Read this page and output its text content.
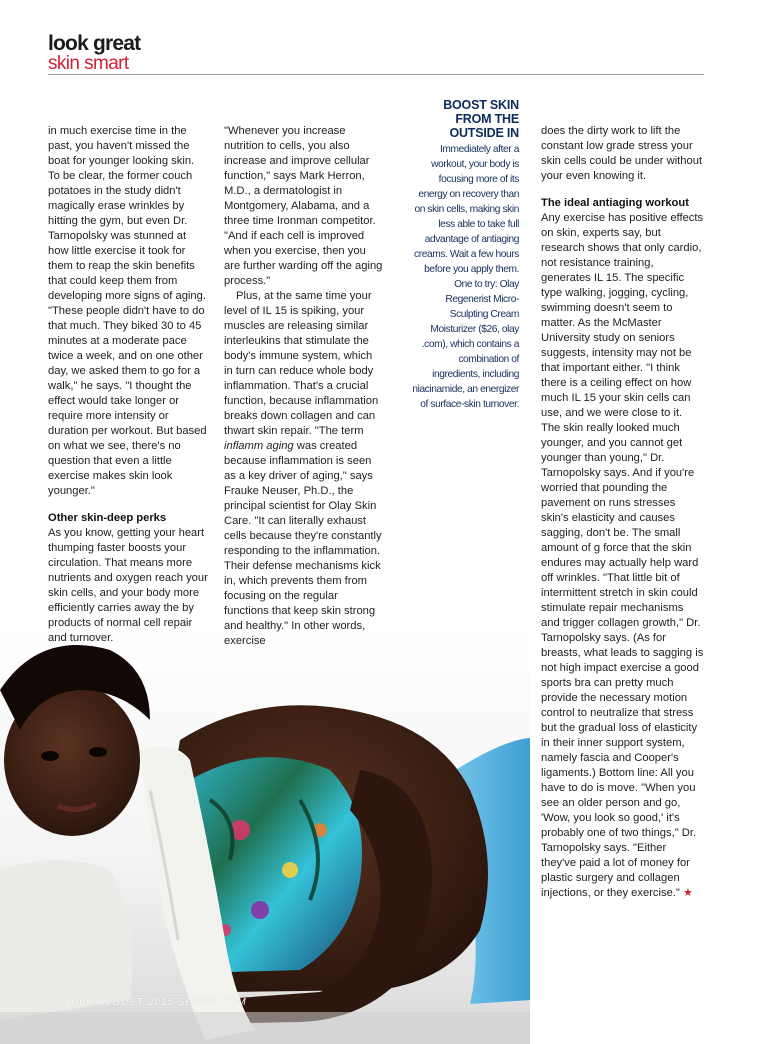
look great
skin smart

in much exercise time in the past, you haven't missed the boat for younger looking skin. To be clear, the former couch potatoes in the study didn't magically erase wrinkles by hitting the gym, but even Dr. Tarnopolsky was stunned at how little exercise it took for them to reap the skin benefits that could keep them from developing more signs of aging. "These people didn't have to do that much. They biked 30 to 45 minutes at a moderate pace twice a week, and on one other day, we asked them to go for a walk," he says. "I thought the effect would take longer or require more intensity or duration per workout. But based on what we see, there's no question that even a little exercise makes skin look younger."

Other skin-deep perks

As you know, getting your heart thumping faster boosts your circulation. That means more nutrients and oxygen reach your skin cells, and your body more efficiently carries away the by products of normal cell repair and turnover.

"Whenever you increase nutrition to cells, you also increase and improve cellular function," says Mark Herron, M.D., a dermatologist in Montgomery, Alabama, and a three time Ironman competitor. "And if each cell is improved when you exercise, then you are further warding off the aging process."

Plus, at the same time your level of IL 15 is spiking, your muscles are releasing similar interleukins that stimulate the body's immune system, which in turn can reduce whole body inflammation. That's a crucial function, because inflammation breaks down collagen and can thwart skin repair. "The term inflamm aging was created because inflammation is seen as a key driver of aging," says Frauke Neuser, Ph.D., the principal scientist for Olay Skin Care. "It can literally exhaust cells because they're constantly responding to the inflammation. Their defense mechanisms kick in, which prevents them from focusing on the regular functions that keep skin strong and healthy." In other words, exercise

BOOST SKIN FROM THE OUTSIDE IN
Immediately after a workout, your body is focusing more of its energy on recovery than on skin cells, making skin less able to take full advantage of antiaging creams. Wait a few hours before you apply them. One to try: Olay Regenerist Micro-Sculpting Cream Moisturizer ($26, olay .com), which contains a combination of ingredients, including niacinamide, an energizer of surface-skin turnover.

does the dirty work to lift the constant low grade stress your skin cells could be under without your even knowing it.

The ideal antiaging workout

Any exercise has positive effects on skin, experts say, but research shows that only cardio, not resistance training, generates IL 15. The specific type walking, jogging, cycling, swimming doesn't seem to matter. As the McMaster University study on seniors suggests, intensity may not be that important either. "I think there is a ceiling effect on how much IL 15 your skin cells can use, and we were close to it. The skin really looked much younger, and you cannot get younger than young," Dr. Tarnopolsky says. And if you're worried that pounding the pavement on runs stresses skin's elasticity and causes sagging, don't be. The small amount of g force that the skin endures may actually help ward off wrinkles. "That little bit of intermittent stretch in skin could stimulate repair mechanisms and trigger collagen growth," Dr. Tarnopolsky says. (As for breasts, what leads to sagging is not high impact exercise a good sports bra can pretty much provide the necessary motion control to neutralize that stress but the gradual loss of elasticity in their inner support system, namely fascia and Cooper's ligaments.) Bottom line: All you have to do is move. "When you see an older person and go, 'Wow, you look so good,' it's probably one of two things," Dr. Tarnopolsky says. "Either they've paid a lot of money for plastic surgery and collagen injections, or they exercise." ★

64 JULY/AUGUST 2015 SHAPE.COM
